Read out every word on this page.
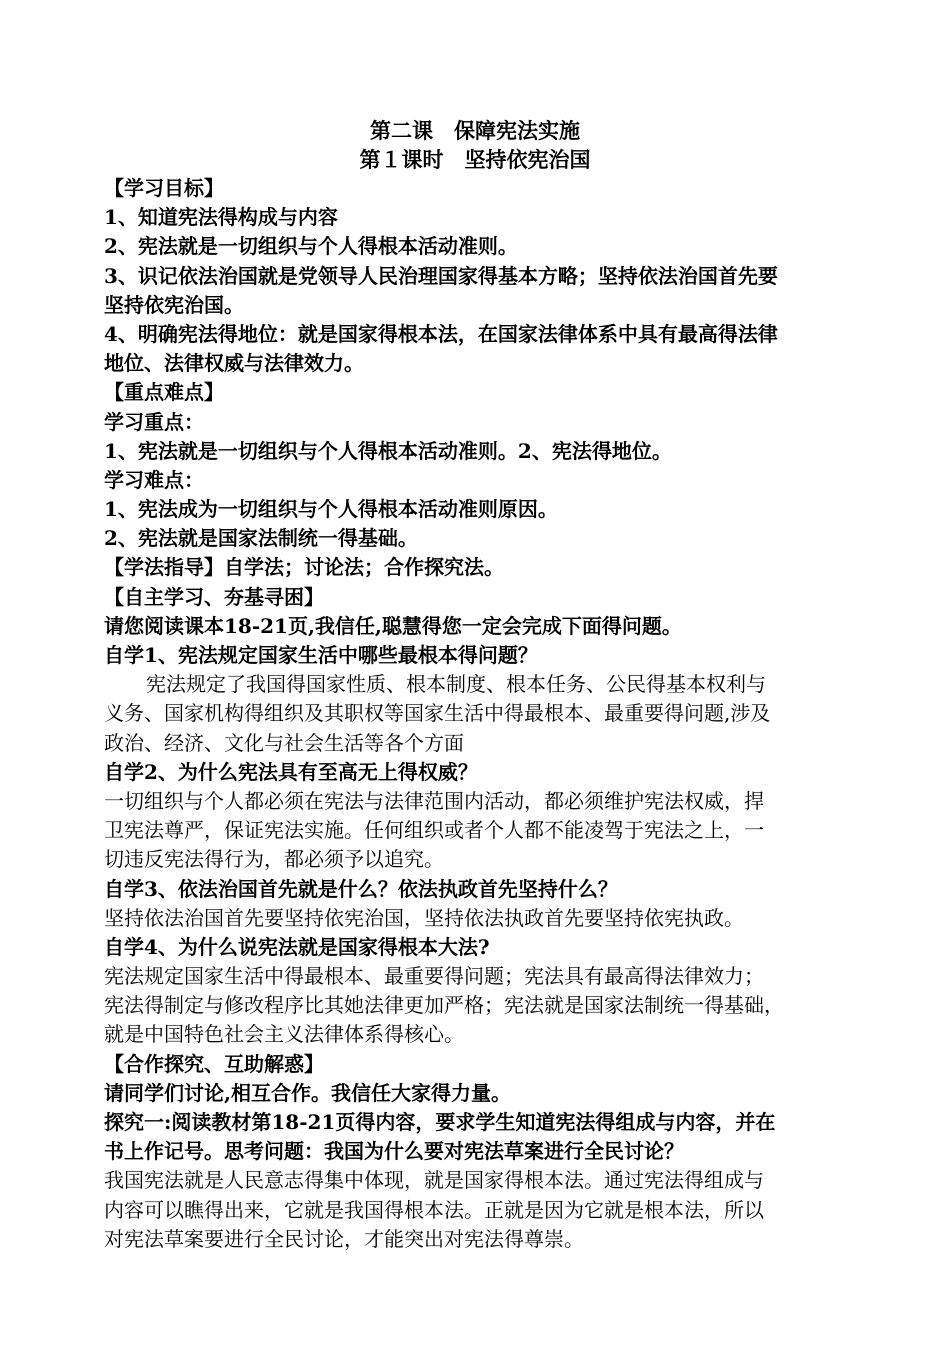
第二课　保障宪法实施
第１课时　坚持依宪治国
【学习目标】
1、知道宪法得构成与内容
2、宪法就是一切组织与个人得根本活动准则。
3、识记依法治国就是党领导人民治理国家得基本方略；坚持依法治国首先要
坚持依宪治国。
4、明确宪法得地位：就是国家得根本法，在国家法律体系中具有最高得法律
地位、法律权威与法律效力。
【重点难点】
学习重点：
1、宪法就是一切组织与个人得根本活动准则。2、宪法得地位。
学习难点：
1、宪法成为一切组织与个人得根本活动准则原因。
2、宪法就是国家法制统一得基础。
【学法指导】自学法；讨论法；合作探究法。
【自主学习、夯基寻困】
请您阅读课本18-21页,我信任,聪慧得您一定会完成下面得问题。
自学1、宪法规定国家生活中哪些最根本得问题？
宪法规定了我国得国家性质、根本制度、根本任务、公民得基本权利与
义务、国家机构得组织及其职权等国家生活中得最根本、最重要得问题,涉及
政治、经济、文化与社会生活等各个方面
自学2、为什么宪法具有至高无上得权威？
一切组织与个人都必须在宪法与法律范围内活动，都必须维护宪法权威，捍
卫宪法尊严，保证宪法实施。任何组织或者个人都不能凌驾于宪法之上，一
切违反宪法得行为，都必须予以追究。
自学3、依法治国首先就是什么？依法执政首先坚持什么？
坚持依法治国首先要坚持依宪治国，坚持依法执政首先要坚持依宪执政。
自学4、为什么说宪法就是国家得根本大法?
宪法规定国家生活中得最根本、最重要得问题；宪法具有最高得法律效力；
宪法得制定与修改程序比其她法律更加严格；宪法就是国家法制统一得基础，
就是中国特色社会主义法律体系得核心。
【合作探究、互助解惑】
请同学们讨论,相互合作。我信任大家得力量。
探究一:阅读教材第18-21页得内容，要求学生知道宪法得组成与内容，并在
书上作记号。思考问题：我国为什么要对宪法草案进行全民讨论？
我国宪法就是人民意志得集中体现，就是国家得根本法。通过宪法得组成与
内容可以瞧得出来，它就是我国得根本法。正就是因为它就是根本法，所以
对宪法草案要进行全民讨论，才能突出对宪法得尊崇。
